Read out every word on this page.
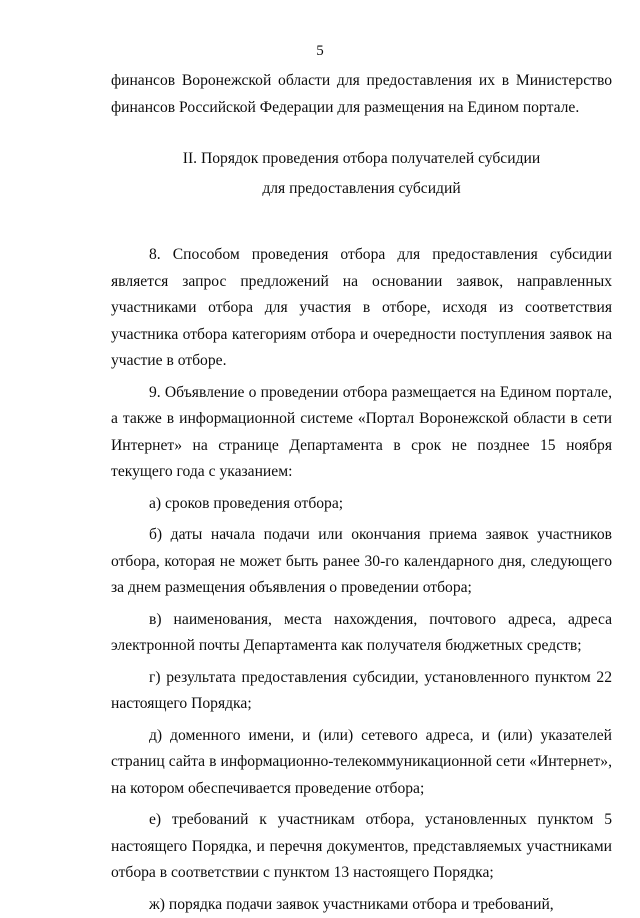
5

финансов Воронежской области для предоставления их в Министерство финансов Российской Федерации для размещения на Едином портале.

II. Порядок проведения отбора получателей субсидии
для предоставления субсидий

8. Способом проведения отбора для предоставления субсидии является запрос предложений на основании заявок, направленных участниками отбора для участия в отборе, исходя из соответствия участника отбора категориям отбора и очередности поступления заявок на участие в отборе.

9. Объявление о проведении отбора размещается на Едином портале, а также в информационной системе «Портал Воронежской области в сети Интернет» на странице Департамента в срок не позднее 15 ноября текущего года с указанием:

а) сроков проведения отбора;

б) даты начала подачи или окончания приема заявок участников отбора, которая не может быть ранее 30-го календарного дня, следующего за днем размещения объявления о проведении отбора;

в) наименования, места нахождения, почтового адреса, адреса электронной почты Департамента как получателя бюджетных средств;

г) результата предоставления субсидии, установленного пунктом 22 настоящего Порядка;

д) доменного имени, и (или) сетевого адреса, и (или) указателей страниц сайта в информационно-телекоммуникационной сети «Интернет», на котором обеспечивается проведение отбора;

е) требований к участникам отбора, установленных пунктом 5 настоящего Порядка, и перечня документов, представляемых участниками отбора в соответствии с пунктом 13 настоящего Порядка;

ж) порядка подачи заявок участниками отбора и требований,
